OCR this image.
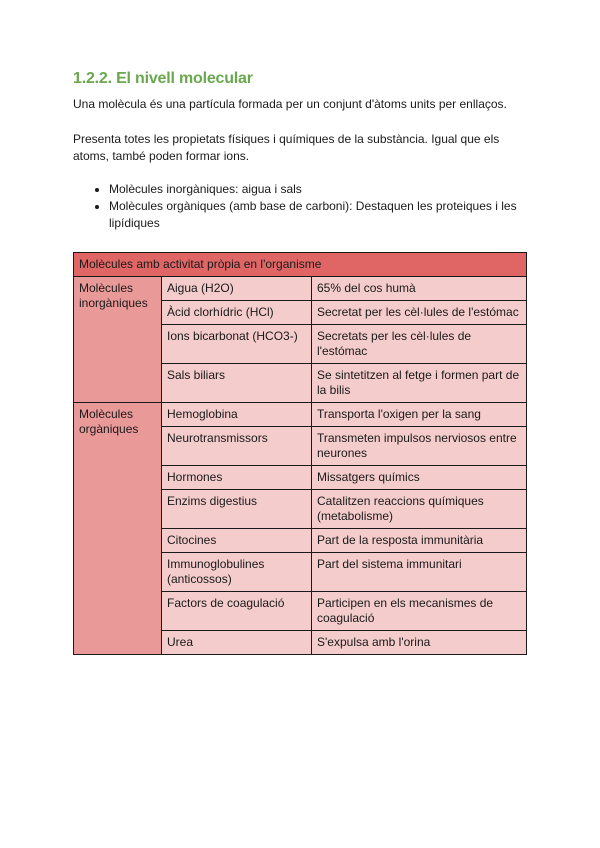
1.2.2. El nivell molecular

Una molècula és una partícula formada per un conjunt d'àtoms units per enllaços.

Presenta totes les propietats físiques i químiques de la substància. Igual que els atoms, també poden formar ions.

• Molècules inorgàniques: aigua i sals
• Molècules orgàniques (amb base de carboni): Destaquen les proteiques i les lipídiques
Molècules amb activitat pròpia en l'organisme		
Molècules inorgàniques	Aigua (H2O)	65% del cos humà
	Àcid clorhídric (HCl)	Secretat per les cèl·lules de l'estómac
	Ions bicarbonat (HCO3-)	Secretats per les cèl·lules de l'estómac
	Sals biliars	Se sintetitzen al fetge i formen part de la bilis
Molècules orgàniques	Hemoglobina	Transporta l'oxigen per la sang
	Neurotransmissors	Transmeten impulsos nerviosos entre neurones
	Hormones	Missatgers químics
	Enzims digestius	Catalitzen reaccions químiques (metabolisme)
	Citocines	Part de la resposta immunitària
	Immunoglobulines (anticossos)	Part del sistema immunitari
	Factors de coagulació	Participen en els mecanismes de coagulació
	Urea	S'expulsa amb l'orina
